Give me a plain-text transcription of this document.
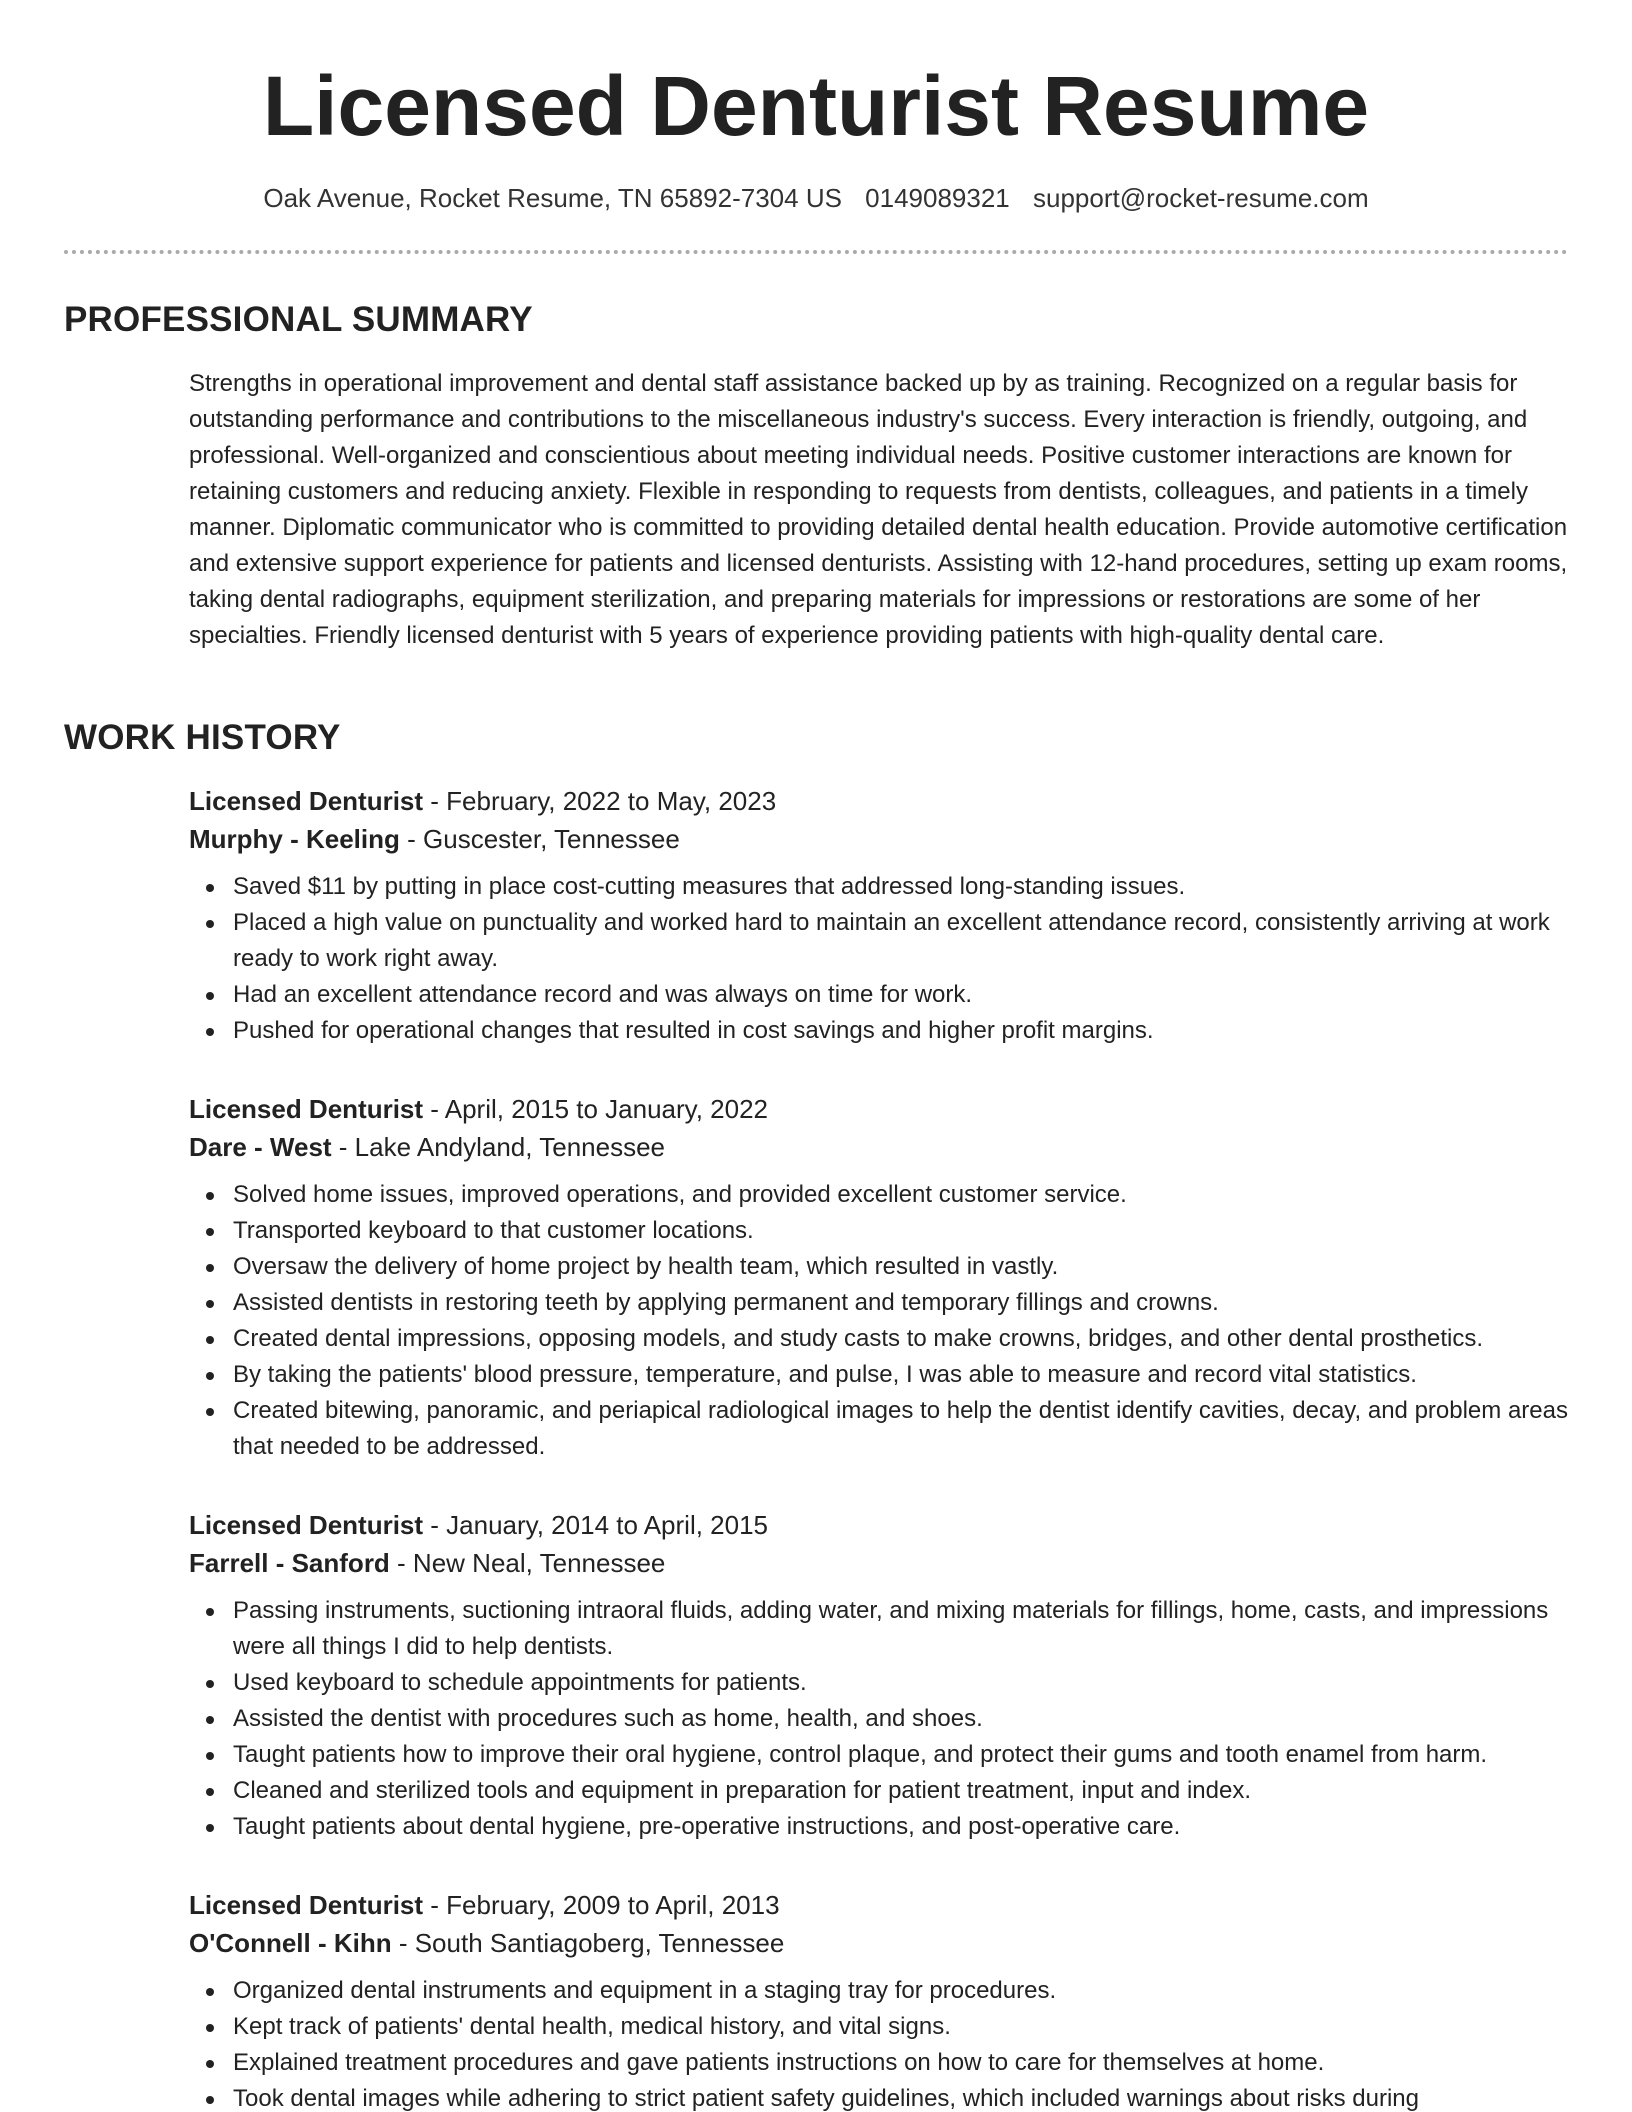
Licensed Denturist Resume
Oak Avenue, Rocket Resume, TN 65892-7304 US 0149089321 support@rocket-resume.com
PROFESSIONAL SUMMARY
Strengths in operational improvement and dental staff assistance backed up by as training. Recognized on a regular basis for outstanding performance and contributions to the miscellaneous industry's success. Every interaction is friendly, outgoing, and professional. Well-organized and conscientious about meeting individual needs. Positive customer interactions are known for retaining customers and reducing anxiety. Flexible in responding to requests from dentists, colleagues, and patients in a timely manner. Diplomatic communicator who is committed to providing detailed dental health education. Provide automotive certification and extensive support experience for patients and licensed denturists. Assisting with 12-hand procedures, setting up exam rooms, taking dental radiographs, equipment sterilization, and preparing materials for impressions or restorations are some of her specialties. Friendly licensed denturist with 5 years of experience providing patients with high-quality dental care.
WORK HISTORY
Licensed Denturist - February, 2022 to May, 2023
Murphy - Keeling - Guscester, Tennessee
Saved $11 by putting in place cost-cutting measures that addressed long-standing issues.
Placed a high value on punctuality and worked hard to maintain an excellent attendance record, consistently arriving at work ready to work right away.
Had an excellent attendance record and was always on time for work.
Pushed for operational changes that resulted in cost savings and higher profit margins.
Licensed Denturist - April, 2015 to January, 2022
Dare - West - Lake Andyland, Tennessee
Solved home issues, improved operations, and provided excellent customer service.
Transported keyboard to that customer locations.
Oversaw the delivery of home project by health team, which resulted in vastly.
Assisted dentists in restoring teeth by applying permanent and temporary fillings and crowns.
Created dental impressions, opposing models, and study casts to make crowns, bridges, and other dental prosthetics.
By taking the patients' blood pressure, temperature, and pulse, I was able to measure and record vital statistics.
Created bitewing, panoramic, and periapical radiological images to help the dentist identify cavities, decay, and problem areas that needed to be addressed.
Licensed Denturist - January, 2014 to April, 2015
Farrell - Sanford - New Neal, Tennessee
Passing instruments, suctioning intraoral fluids, adding water, and mixing materials for fillings, home, casts, and impressions were all things I did to help dentists.
Used keyboard to schedule appointments for patients.
Assisted the dentist with procedures such as home, health, and shoes.
Taught patients how to improve their oral hygiene, control plaque, and protect their gums and tooth enamel from harm.
Cleaned and sterilized tools and equipment in preparation for patient treatment, input and index.
Taught patients about dental hygiene, pre-operative instructions, and post-operative care.
Licensed Denturist - February, 2009 to April, 2013
O'Connell - Kihn - South Santiagoberg, Tennessee
Organized dental instruments and equipment in a staging tray for procedures.
Kept track of patients' dental health, medical history, and vital signs.
Explained treatment procedures and gave patients instructions on how to care for themselves at home.
Took dental images while adhering to strict patient safety guidelines, which included warnings about risks during
